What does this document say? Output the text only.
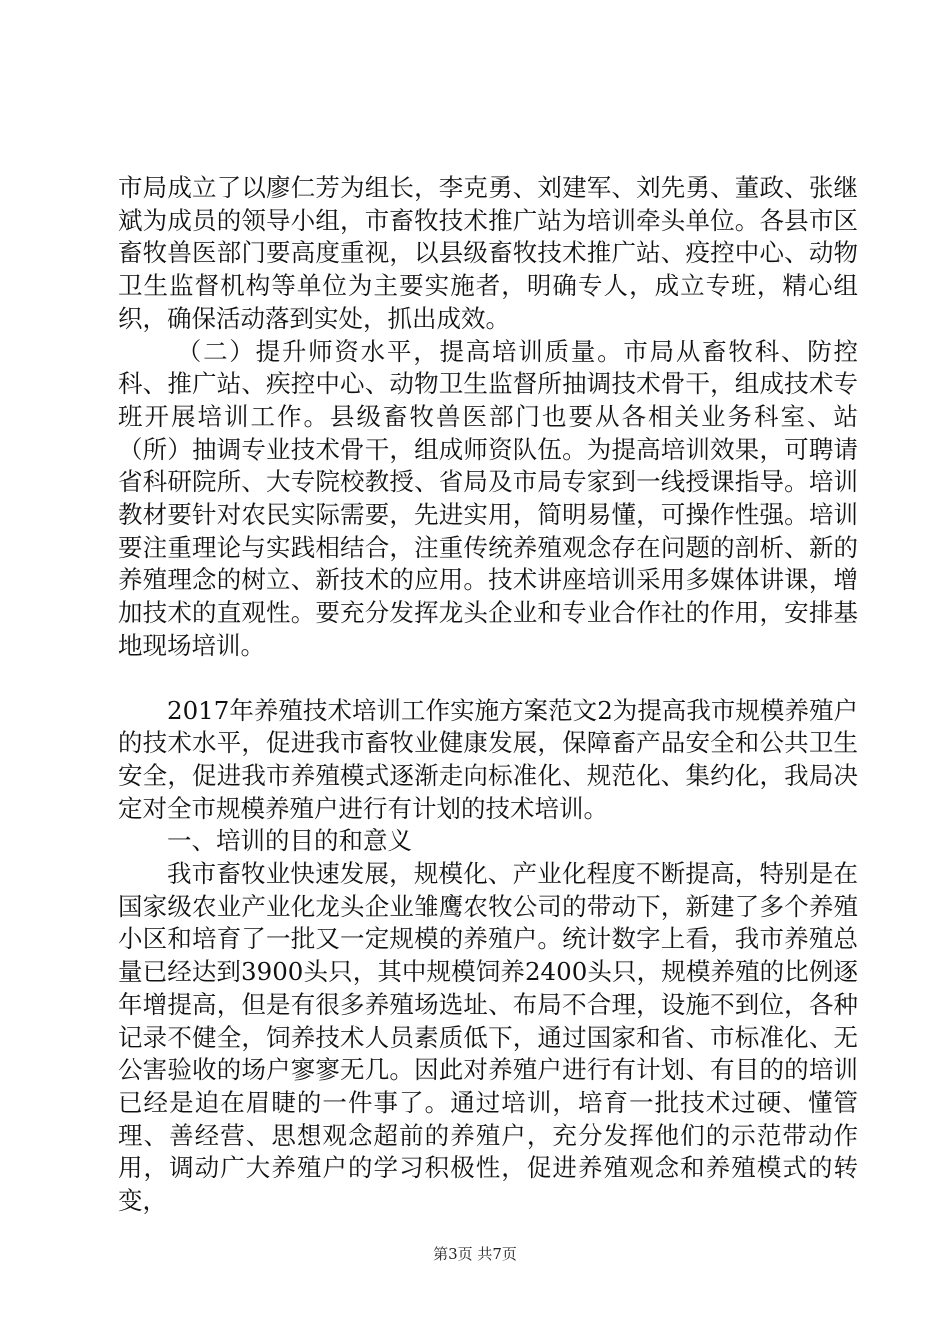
市局成立了以廖仁芳为组长，李克勇、刘建军、刘先勇、董政、张继斌为成员的领导小组，市畜牧技术推广站为培训牵头单位。各县市区畜牧兽医部门要高度重视，以县级畜牧技术推广站、疫控中心、动物卫生监督机构等单位为主要实施者，明确专人，成立专班，精心组织，确保活动落到实处，抓出成效。

（二）提升师资水平，提高培训质量。市局从畜牧科、防控科、推广站、疾控中心、动物卫生监督所抽调技术骨干，组成技术专班开展培训工作。县级畜牧兽医部门也要从各相关业务科室、站（所）抽调专业技术骨干，组成师资队伍。为提高培训效果，可聘请省科研院所、大专院校教授、省局及市局专家到一线授课指导。培训教材要针对农民实际需要，先进实用，简明易懂，可操作性强。培训要注重理论与实践相结合，注重传统养殖观念存在问题的剖析、新的养殖理念的树立、新技术的应用。技术讲座培训采用多媒体讲课，增加技术的直观性。要充分发挥龙头企业和专业合作社的作用，安排基地现场培训。

2017年养殖技术培训工作实施方案范文2为提高我市规模养殖户的技术水平，促进我市畜牧业健康发展，保障畜产品安全和公共卫生安全，促进我市养殖模式逐渐走向标准化、规范化、集约化，我局决定对全市规模养殖户进行有计划的技术培训。

一、培训的目的和意义

我市畜牧业快速发展，规模化、产业化程度不断提高，特别是在国家级农业产业化龙头企业雏鹰农牧公司的带动下，新建了多个养殖小区和培育了一批又一定规模的养殖户。统计数字上看，我市养殖总量已经达到3900头只，其中规模饲养2400头只，规模养殖的比例逐年增提高，但是有很多养殖场选址、布局不合理，设施不到位，各种记录不健全，饲养技术人员素质低下，通过国家和省、市标准化、无公害验收的场户寥寥无几。因此对养殖户进行有计划、有目的的培训已经是迫在眉睫的一件事了。通过培训，培育一批技术过硬、懂管理、善经营、思想观念超前的养殖户，充分发挥他们的示范带动作用，调动广大养殖户的学习积极性，促进养殖观念和养殖模式的转变，

第3页 共7页
